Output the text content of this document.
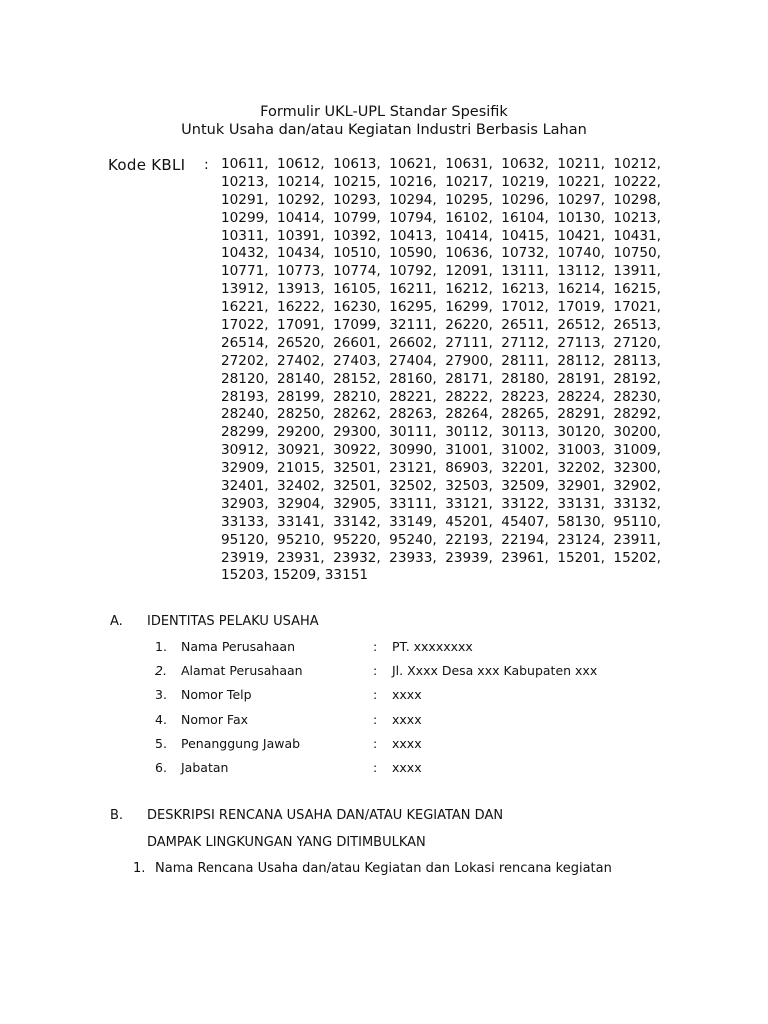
Formulir UKL-UPL Standar Spesifik
Untuk Usaha dan/atau Kegiatan Industri Berbasis Lahan
Kode KBLI : 10611, 10612, 10613, 10621, 10631, 10632, 10211, 10212,
10213, 10214, 10215, 10216, 10217, 10219, 10221, 10222,
10291, 10292, 10293, 10294, 10295, 10296, 10297, 10298,
10299, 10414, 10799, 10794, 16102, 16104, 10130, 10213,
10311, 10391, 10392, 10413, 10414, 10415, 10421, 10431,
10432, 10434, 10510, 10590, 10636, 10732, 10740, 10750,
10771, 10773, 10774, 10792, 12091, 13111, 13112, 13911,
13912, 13913, 16105, 16211, 16212, 16213, 16214, 16215,
16221, 16222, 16230, 16295, 16299, 17012, 17019, 17021,
17022, 17091, 17099, 32111, 26220, 26511, 26512, 26513,
26514, 26520, 26601, 26602, 27111, 27112, 27113, 27120,
27202, 27402, 27403, 27404, 27900, 28111, 28112, 28113,
28120, 28140, 28152, 28160, 28171, 28180, 28191, 28192,
28193, 28199, 28210, 28221, 28222, 28223, 28224, 28230,
28240, 28250, 28262, 28263, 28264, 28265, 28291, 28292,
28299, 29200, 29300, 30111, 30112, 30113, 30120, 30200,
30912, 30921, 30922, 30990, 31001, 31002, 31003, 31009,
32909, 21015, 32501, 23121, 86903, 32201, 32202, 32300,
32401, 32402, 32501, 32502, 32503, 32509, 32901, 32902,
32903, 32904, 32905, 33111, 33121, 33122, 33131, 33132,
33133, 33141, 33142, 33149, 45201, 45407, 58130, 95110,
95120, 95210, 95220, 95240, 22193, 22194, 23124, 23911,
23919, 23931, 23932, 23933, 23939, 23961, 15201, 15202,
15203, 15209, 33151
A. IDENTITAS PELAKU USAHA
1. Nama Perusahaan	: PT. xxxxxxxx
2. Alamat Perusahaan	: Jl. Xxxx Desa xxx Kabupaten xxx
3. Nomor Telp	: xxxx
4. Nomor Fax	: xxxx
5. Penanggung Jawab	: xxxx
6. Jabatan	: xxxx
B. DESKRIPSI RENCANA USAHA DAN/ATAU KEGIATAN DAN
DAMPAK LINGKUNGAN YANG DITIMBULKAN
1. Nama Rencana Usaha dan/atau Kegiatan dan Lokasi rencana kegiatan
